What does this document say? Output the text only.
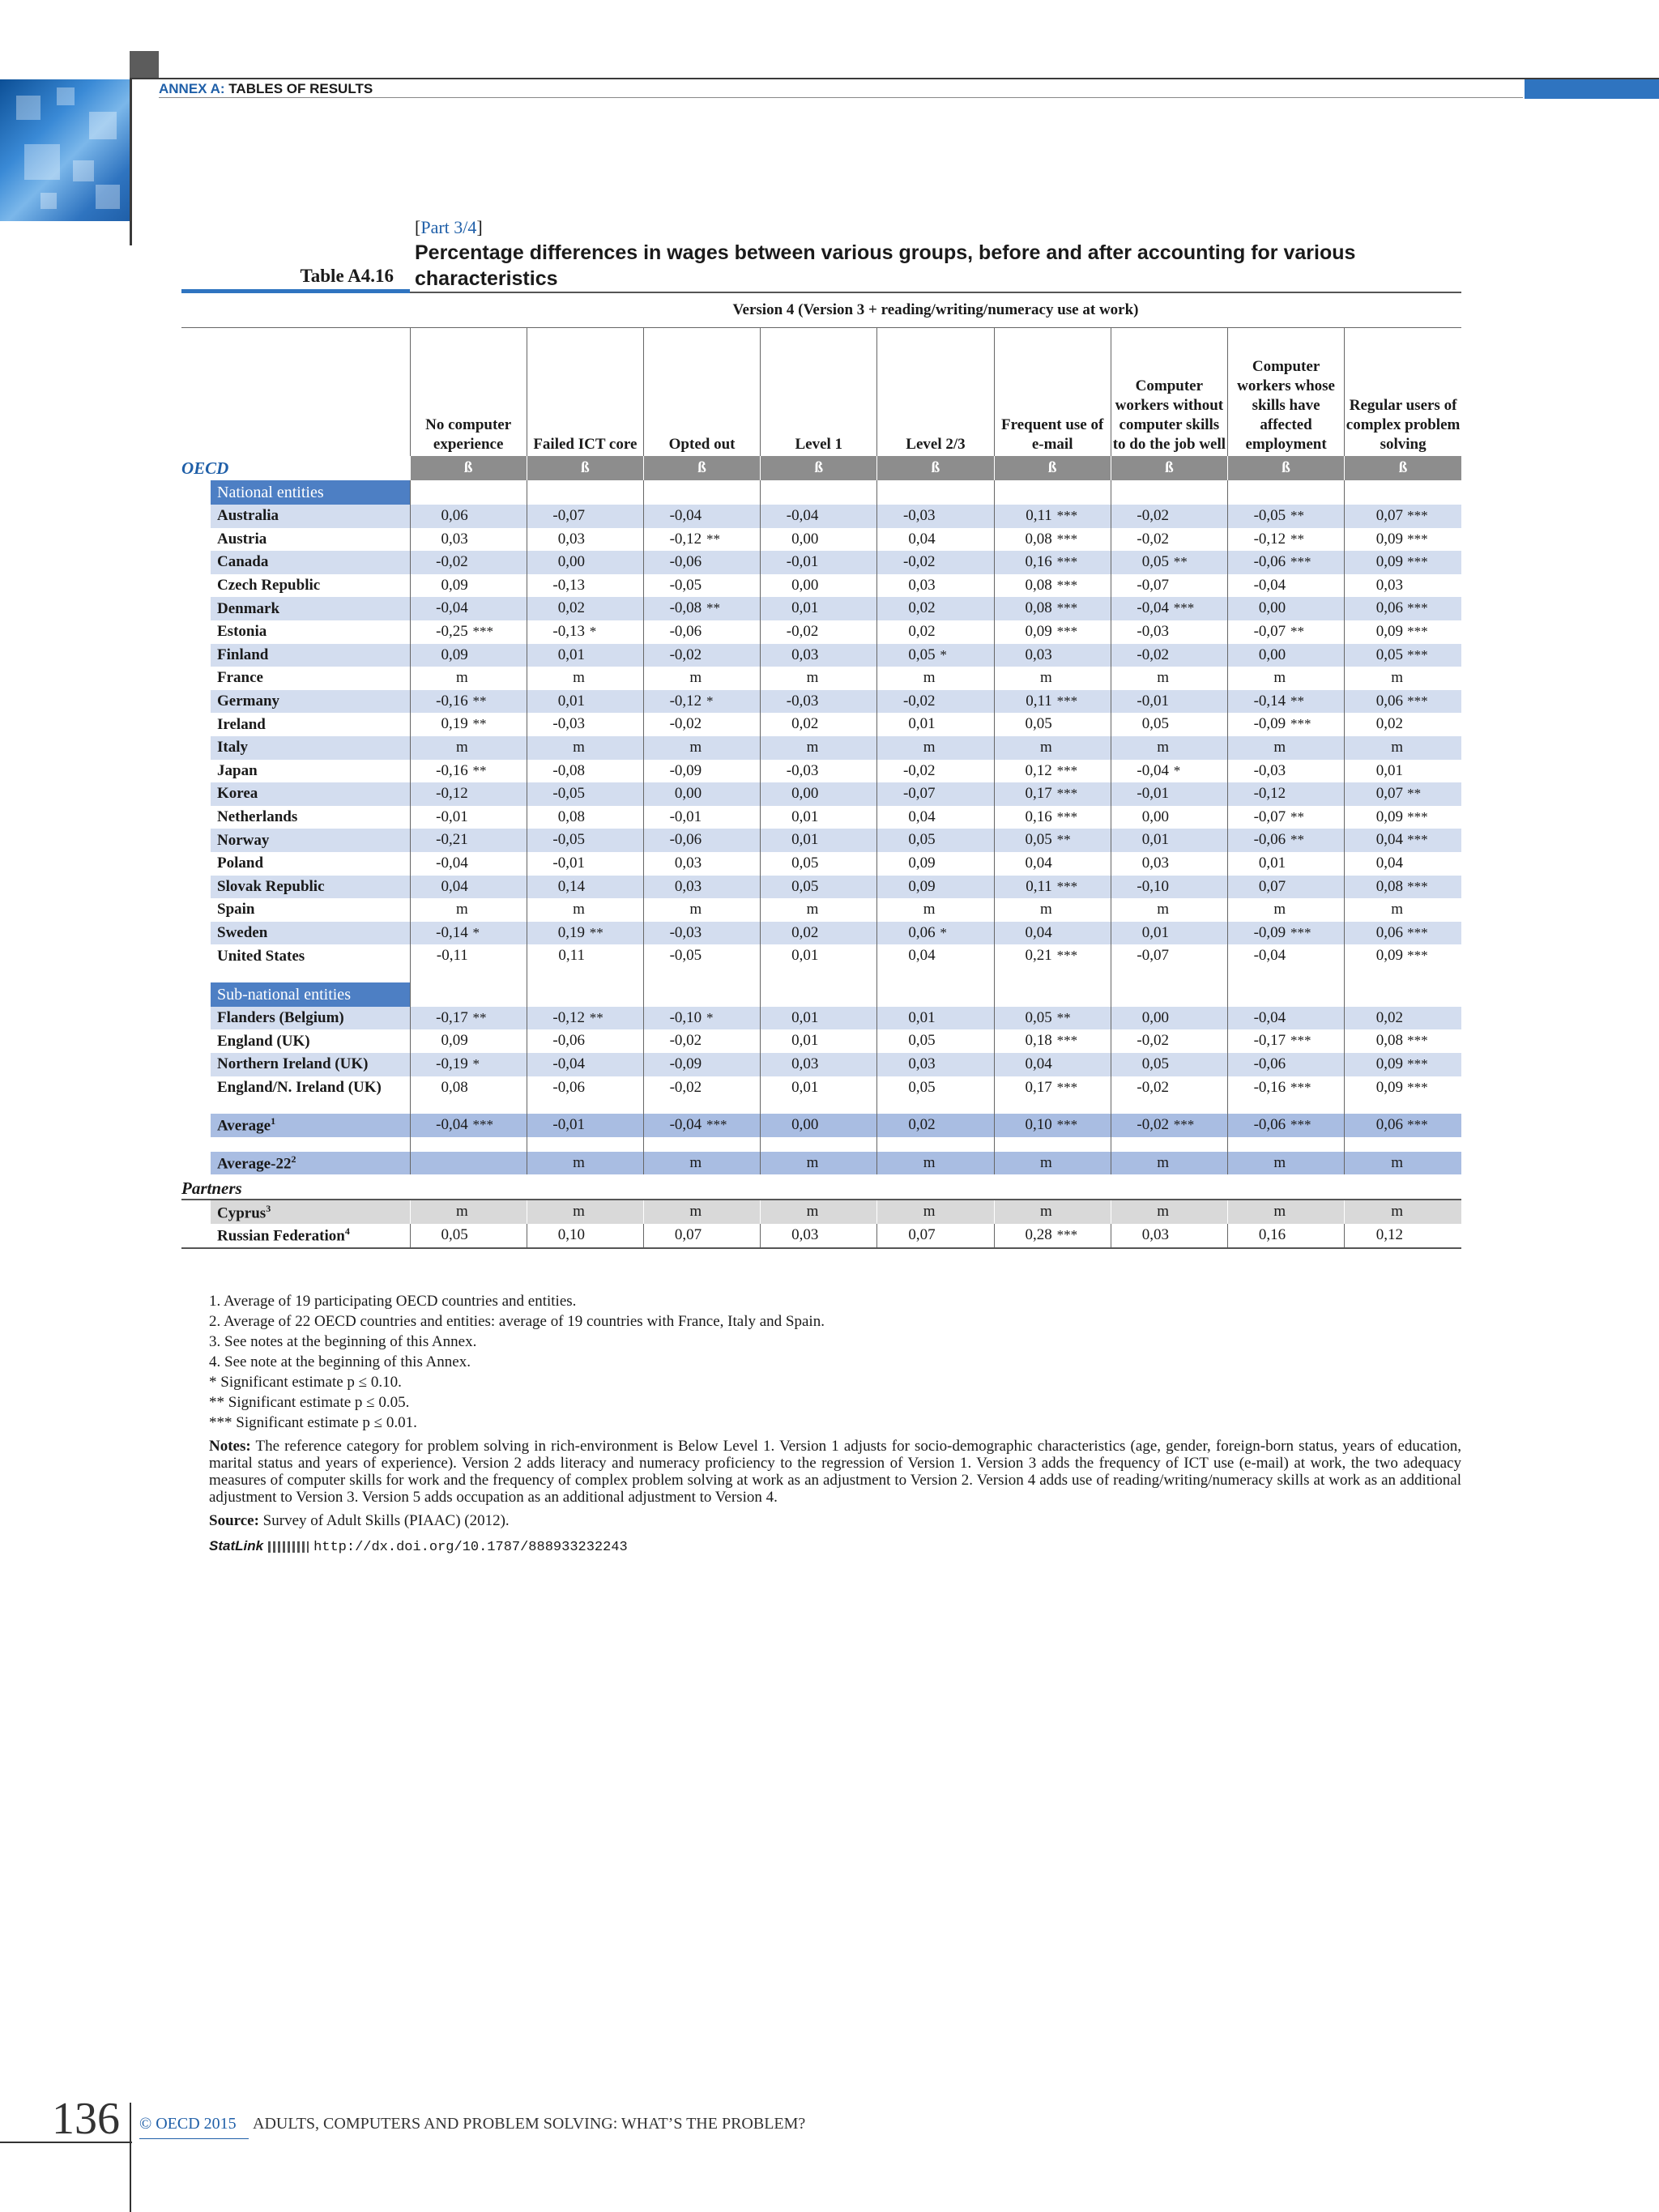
ANNEX A: TABLES OF RESULTS
[Part 3/4]
Table A4.16
Percentage differences in wages between various groups, before and after accounting for various characteristics
	Version 4 (Version 3 + reading/writing/numeracy use at work)								
	No computer experience	Failed ICT core	Opted out	Level 1	Level 2/3	Frequent use of e-mail	Computer workers without computer skills to do the job well	Computer workers whose skills have affected employment	Regular users of complex problem solving
OECD	ß	ß	ß	ß	ß	ß	ß	ß	ß
National entities									
Australia	0,06	-0,07	-0,04	-0,04	-0,03	0,11 ***	-0,02	-0,05 **	0,07 ***

Austria	0,03	0,03	-0,12 **	0,00	0,04	0,08 ***	-0,02	-0,12 **	0,09 ***

Canada	-0,02	0,00	-0,06	-0,01	-0,02	0,16 ***	0,05 **	-0,06 ***	0,09 ***

Czech Republic	0,09	-0,13	-0,05	0,00	0,03	0,08 ***	-0,07	-0,04	0,03

Denmark	-0,04	0,02	-0,08 **	0,01	0,02	0,08 ***	-0,04 ***	0,00	0,06 ***

Estonia	-0,25 ***	-0,13 *	-0,06	-0,02	0,02	0,09 ***	-0,03	-0,07 **	0,09 ***

Finland	0,09	0,01	-0,02	0,03	0,05 *	0,03	-0,02	0,00	0,05 ***

France	m	m	m	m	m	m	m	m	m

Germany	-0,16 **	0,01	-0,12 *	-0,03	-0,02	0,11 ***	-0,01	-0,14 **	0,06 ***

Ireland	0,19 **	-0,03	-0,02	0,02	0,01	0,05	0,05	-0,09 ***	0,02

Italy	m	m	m	m	m	m	m	m	m

Japan	-0,16 **	-0,08	-0,09	-0,03	-0,02	0,12 ***	-0,04 *	-0,03	0,01

Korea	-0,12	-0,05	0,00	0,00	-0,07	0,17 ***	-0,01	-0,12	0,07 **

Netherlands	-0,01	0,08	-0,01	0,01	0,04	0,16 ***	0,00	-0,07 **	0,09 ***

Norway	-0,21	-0,05	-0,06	0,01	0,05	0,05 **	0,01	-0,06 **	0,04 ***

Poland	-0,04	-0,01	0,03	0,05	0,09	0,04	0,03	0,01	0,04

Slovak Republic	0,04	0,14	0,03	0,05	0,09	0,11 ***	-0,10	0,07	0,08 ***

Spain	m	m	m	m	m	m	m	m	m

Sweden	-0,14 *	0,19 **	-0,03	0,02	0,06 *	0,04	0,01	-0,09 ***	0,06 ***

United States	-0,11	0,11	-0,05	0,01	0,04	0,21 ***	-0,07	-0,04	0,09 ***

Sub-national entities									
Flanders (Belgium)	-0,17 **	-0,12 **	-0,10 *	0,01	0,01	0,05 **	0,00	-0,04	0,02

England (UK)	0,09	-0,06	-0,02	0,01	0,05	0,18 ***	-0,02	-0,17 ***	0,08 ***

Northern Ireland (UK)	-0,19 *	-0,04	-0,09	0,03	0,03	0,04	0,05	-0,06	0,09 ***

England/N. Ireland (UK)	0,08	-0,06	-0,02	0,01	0,05	0,17 ***	-0,02	-0,16 ***	0,09 ***

Average$^1$	-0,04 ***	-0,01	-0,04 ***	0,00	0,02	0,10 ***	-0,02 ***	-0,06 ***	0,06 ***

Average-$22^2$		m	m	m	m	m	m	m	m

Partners									
Cyprus$^3$	m	m	m	m	m	m	m	m	m

Russian Federation$^4$	0,05	0,10	0,07	0,03	0,07	0,28 ***	0,03	0,16	0,12
1. Average of 19 participating OECD countries and entities.
2. Average of 22 OECD countries and entities: average of 19 countries with France, Italy and Spain.
3. See notes at the beginning of this Annex.
4. See note at the beginning of this Annex.
* Significant estimate p ≤ 0.10.
** Significant estimate p ≤ 0.05.
*** Significant estimate p ≤ 0.01.

Notes: The reference category for problem solving in rich-environment is Below Level 1. Version 1 adjusts for socio-demographic characteristics (age, gender, foreign-born status, years of education, marital status and years of experience). Version 2 adds literacy and numeracy proficiency to the regression of Version 1. Version 3 adds the frequency of ICT use (e-mail) at work, the two adequacy measures of computer skills for work and the frequency of complex problem solving at work as an adjustment to Version 2. Version 4 adds use of reading/writing/numeracy skills at work as an additional adjustment to Version 3. Version 5 adds occupation as an additional adjustment to Version 4.

Source: Survey of Adult Skills (PIAAC) (2012).
StatLink	http://dx.doi.org/10.1787/888933232243
136 © OECD 2015 ADULTS, COMPUTERS AND PROBLEM SOLVING: WHAT’S THE PROBLEM?
